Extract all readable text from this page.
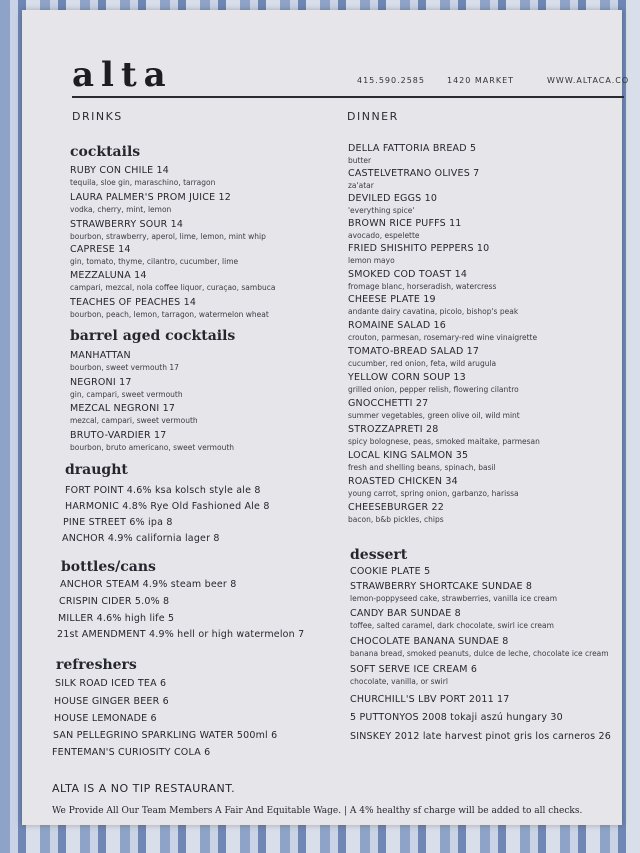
alta	415.590.2585	1420 MARKET	WWW.ALTACA.CO
DRINKS	DINNER
cocktails
RUBY CON CHILE 14
tequila, sloe gin, maraschino, tarragon
LAURA PALMER'S PROM JUICE 12
vodka, cherry, mint, lemon
STRAWBERRY SOUR 14
bourbon, strawberry, aperol, lime, lemon, mint whip
CAPRESE 14
gin, tomato, thyme, cilantro, cucumber, lime
MEZZALUNA 14
campari, mezcal, nola coffee liquor, curaçao, sambuca
TEACHES OF PEACHES 14
bourbon, peach, lemon, tarragon, watermelon wheat
barrel aged cocktails
MANHATTAN
bourbon, sweet vermouth 17
NEGRONI 17
gin, campari, sweet vermouth
MEZCAL NEGRONI 17
mezcal, campari, sweet vermouth
BRUTO-VARDIER 17
bourbon, bruto americano, sweet vermouth
draught
FORT POINT 4.6% ksa kolsch style ale 8
HARMONIC 4.8% Rye Old Fashioned Ale 8
PINE STREET 6% ipa 8
ANCHOR 4.9% california lager 8
bottles/cans
ANCHOR STEAM 4.9% steam beer 8
CRISPIN CIDER 5.0% 8
MILLER 4.6% high life 5
21st AMENDMENT 4.9% hell or high watermelon 7
refreshers
SILK ROAD ICED TEA 6
HOUSE GINGER BEER 6
HOUSE LEMONADE 6
SAN PELLEGRINO SPARKLING WATER 500ml 6
FENTEMAN'S CURIOSITY COLA 6
DELLA FATTORIA BREAD 5
butter
CASTELVETRANO OLIVES 7
za'atar
DEVILED EGGS 10
'everything spice'
BROWN RICE PUFFS 11
avocado, espelette
FRIED SHISHITO PEPPERS 10
lemon mayo
SMOKED COD TOAST 14
fromage blanc, horseradish, watercress
CHEESE PLATE 19
andante dairy cavatina, picolo, bishop's peak
ROMAINE SALAD 16
crouton, parmesan, rosemary-red wine vinaigrette
TOMATO-BREAD SALAD 17
cucumber, red onion, feta, wild arugula
YELLOW CORN SOUP 13
grilled onion, pepper relish, flowering cilantro
GNOCCHETTI 27
summer vegetables, green olive oil, wild mint
STROZZAPRETI 28
spicy bolognese, peas, smoked maitake, parmesan
LOCAL KING SALMON 35
fresh and shelling beans, spinach, basil
ROASTED CHICKEN 34
young carrot, spring onion, garbanzo, harissa
CHEESEBURGER 22
bacon, b&b pickles, chips
dessert
COOKIE PLATE 5
STRAWBERRY SHORTCAKE SUNDAE 8
lemon-poppyseed cake, strawberries, vanilla ice cream
CANDY BAR SUNDAE 8
toffee, salted caramel, dark chocolate, swirl ice cream
CHOCOLATE BANANA SUNDAE 8
banana bread, smoked peanuts, dulce de leche, chocolate ice cream
SOFT SERVE ICE CREAM 6
chocolate, vanilla, or swirl
CHURCHILL'S LBV PORT 2011 17
5 PUTTONYOS 2008 tokaji aszú hungary 30
SINSKEY 2012 late harvest pinot gris los carneros 26
ALTA IS A NO TIP RESTAURANT.
We Provide All Our Team Members A Fair And Equitable Wage. | A 4% healthy sf charge will be added to all checks.
